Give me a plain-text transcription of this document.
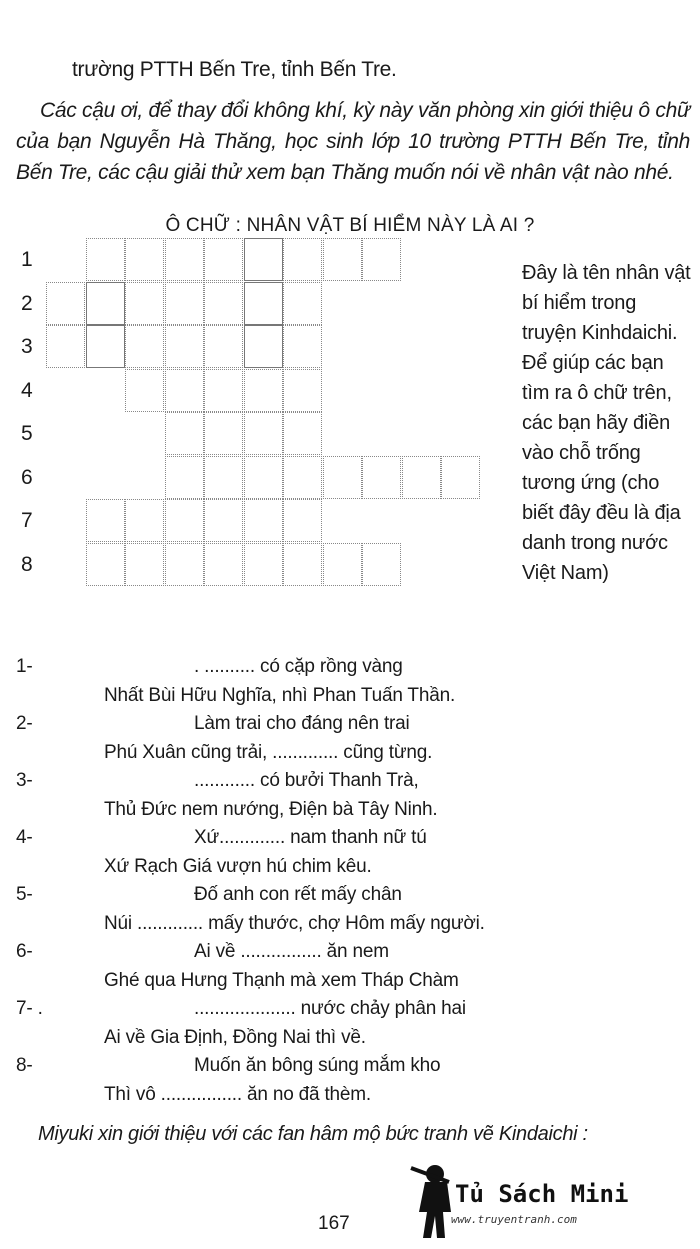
trường PTTH Bến Tre, tỉnh Bến Tre.
Các cậu ơi, để thay đổi không khí, kỳ này văn phòng xin giới thiệu ô chữ của bạn Nguyễn Hà Thăng, học sinh lớp 10 trường PTTH Bến Tre, tỉnh Bến Tre, các cậu giải thử xem bạn Thăng muốn nói về nhân vật nào nhé.
Ô CHỮ : NHÂN VẬT BÍ HIỂM NÀY LÀ AI ?
1
2
3
4
5
6
7
8
Đây là tên nhân vật bí hiểm trong truyện Kinhdaichi. Để giúp các bạn tìm ra ô chữ trên, các bạn hãy điền vào chỗ trống tương ứng (cho biết đây đều là địa danh trong nước Việt Nam)
1-	. .......... có cặp rồng vàng
Nhất Bùi Hữu Nghĩa, nhì Phan Tuấn Thần.
2-	Làm trai cho đáng nên trai
Phú Xuân cũng trải, ............. cũng từng.
3-	............ có bưởi Thanh Trà,
Thủ Đức nem nướng, Điện bà Tây Ninh.
4-	Xứ............. nam thanh nữ tú
Xứ Rạch Giá vượn hú chim kêu.
5-	Đố anh con rết mấy chân
Núi ............. mấy thước, chợ Hôm mấy người.
6-	Ai về ................ ăn nem
Ghé qua Hưng Thạnh mà xem Tháp Chàm
7- .	.................... nước chảy phân hai
Ai về Gia Định, Đồng Nai thì về.
8-	Muốn ăn bông súng mắm kho
Thì vô ................ ăn no đã thèm.
Miyuki xin giới thiệu với các fan hâm mộ bức tranh vẽ Kindaichi :
Tủ Sách Mini
www.truyentranh.com
167
